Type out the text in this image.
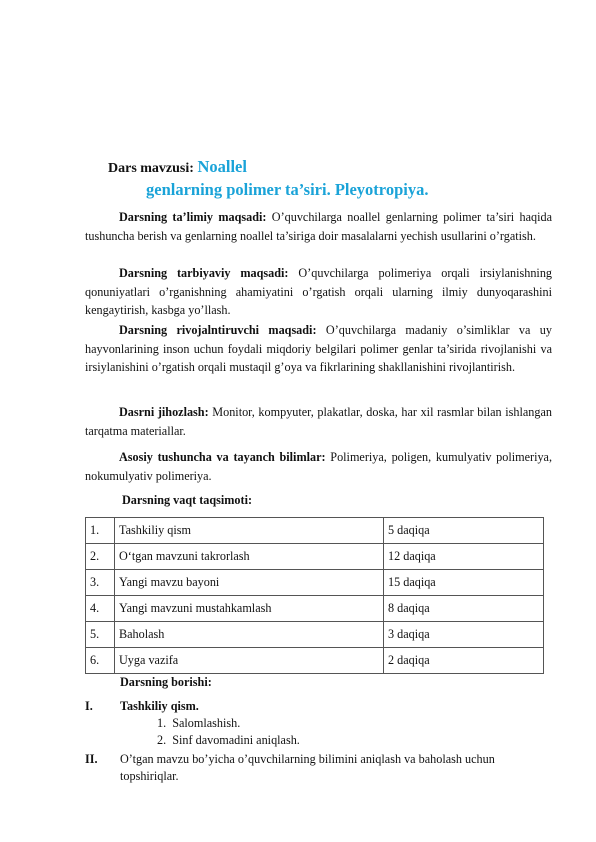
Dars mavzusi: Noallel
genlarning polimer ta’siri. Pleyotropiya.

Darsning ta’limiy maqsadi: O’quvchilarga noallel genlarning polimer ta’siri haqida tushuncha berish va genlarning noallel ta’siriga doir masalalarni yechish usullarini o’rgatish.

Darsning tarbiyaviy maqsadi: O’quvchilarga polimeriya orqali irsiylanishning qonuniyatlari o’rganishning ahamiyatini o’rgatish orqali ularning ilmiy dunyoqarashini kengaytirish, kasbga yo’llash.

Darsning rivojalntiruvchi maqsadi: O’quvchilarga madaniy o’simliklar va uy hayvonlarining inson uchun foydali miqdoriy belgilari polimer genlar ta’sirida rivojlanishi va irsiylanishini o’rgatish orqali mustaqil g’oya va fikrlarining shakllanishini rivojlantirish.

Dasrni jihozlash: Monitor, kompyuter, plakatlar, doska, har xil rasmlar bilan ishlangan tarqatma materiallar.

Asosiy tushuncha va tayanch bilimlar: Polimeriya, poligen, kumulyativ polimeriya, nokumulyativ polimeriya.

Darsning vaqt taqsimoti:
1.	Tashkiliy qism	5 daqiqa
2.	O‘tgan mavzuni takrorlash	12 daqiqa
3.	Yangi mavzu bayoni	15 daqiqa
4.	Yangi mavzuni mustahkamlash	8 daqiqa
5.	Baholash	3 daqiqa
6.	Uyga vazifa	2 daqiqa
Darsning borishi:
I. Tashkiliy qism.
1. Salomlashish.
2. Sinf davomadini aniqlash.
II. O’tgan mavzu bo’yicha o’quvchilarning bilimini aniqlash va baholash uchun
topshiriqlar.
